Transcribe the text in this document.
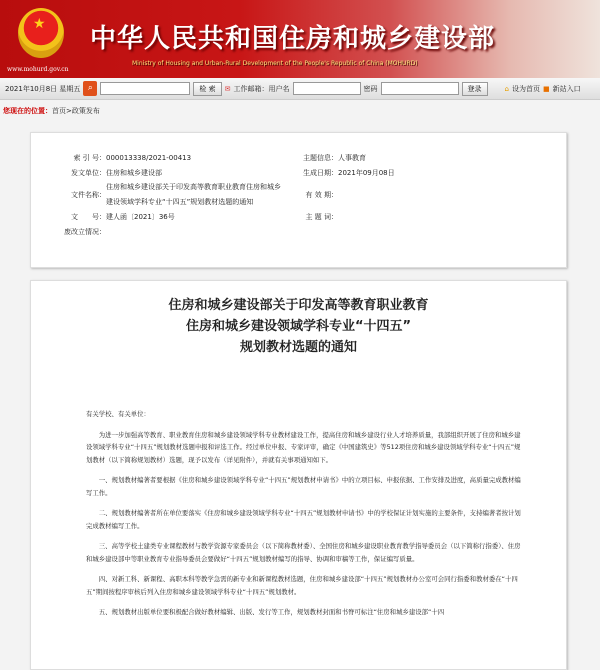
★
www.mohurd.gov.cn
中华人民共和国住房和城乡建设部
Ministry of Housing and Urban-Rural Development of the People's Republic of China (MOHURD)
2021年10月8日 星期五 ⌕	检 索	✉ 工作邮箱：用户名	密码	登录	⌂ 设为首页 ■ 新站入口
您现在的位置：首页>政策发布
索 引 号：000013338/2021-00413	主题信息：人事教育
发文单位：住房和城乡建设部	生成日期：2021年09月08日
文件名称：
住房和城乡建设部关于印发高等教育职业教育住房和城乡
建设领域学科专业“十四五”规划教材选题的通知
有 效 期：
文　　号：建人函〔2021〕36号	主 题 词：
废改立情况：
住房和城乡建设部关于印发高等教育职业教育
住房和城乡建设领域学科专业“十四五”
规划教材选题的通知

有关学校、有关单位：

为进一步加强高等教育、职业教育住房和城乡建设领域学科专业教材建设工作，提高住房和城乡建设行业人才培养质量，我部组织开展了住房和城乡建设领域学科专业“十四五”规划教材选题申报和评选工作。经过单位申报、专家评审，确定《中国建筑史》等512项住房和城乡建设领域学科专业“十四五”规划教材（以下简称规划教材）选题，现予以发布（详见附件），并就有关事项通知如下。

一、规划教材编著者要根据《住房和城乡建设领域学科专业“十四五”规划教材申请书》中的立项目标、申报依据、工作安排及进度，高质量完成教材编写工作。

二、规划教材编著者所在单位要落实《住房和城乡建设领域学科专业“十四五”规划教材申请书》中的学校保证计划实施的主要条件，支持编著者按计划完成教材编写工作。

三、高等学校土建类专业课程教材与教学资源专家委员会（以下简称教材委）、全国住房和城乡建设职业教育教学指导委员会（以下简称行指委）、住房和城乡建设部中等职业教育专业指导委员会要做好“十四五”规划教材编写的指导、协调和审稿等工作，保证编写质量。

四、对新工科、新课程、高职本科等教学急需的新专业和新课程教材选题，住房和城乡建设部“十四五”规划教材办公室可会同行指委和教材委在“十四五”期间按程序审核后列入住房和城乡建设领域学科专业“十四五”规划教材。

五、规划教材出版单位要积极配合做好教材编辑、出版、发行等工作，规划教材封面和书脊可标注“住房和城乡建设部“十四
